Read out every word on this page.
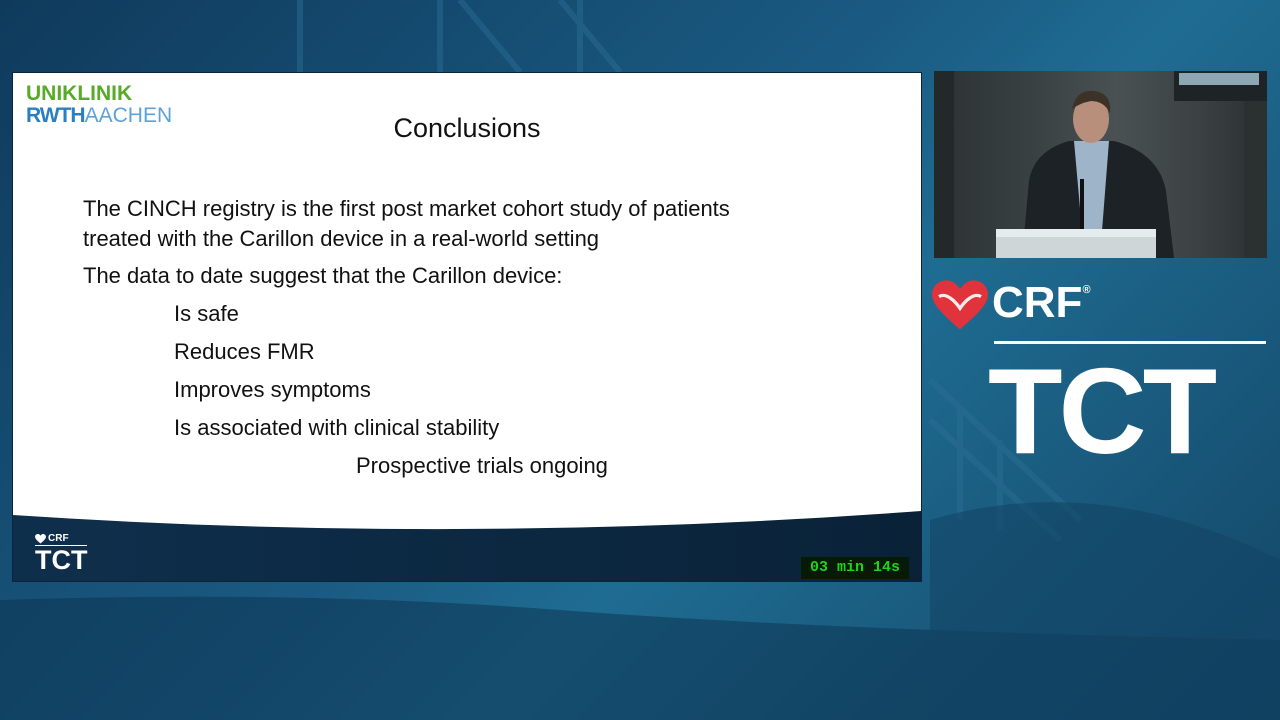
UNIKLINIK
RWTHAACHEN	Conclusions
The CINCH registry is the first post market cohort study of patients
treated with the Carillon device in a real-world setting
The data to date suggest that the Carillon device:
Is safe
Reduces FMR
Improves symptoms
Is associated with clinical stability
Prospective trials ongoing
CRF
TCT	03 min 14s
CRF®
TCT
